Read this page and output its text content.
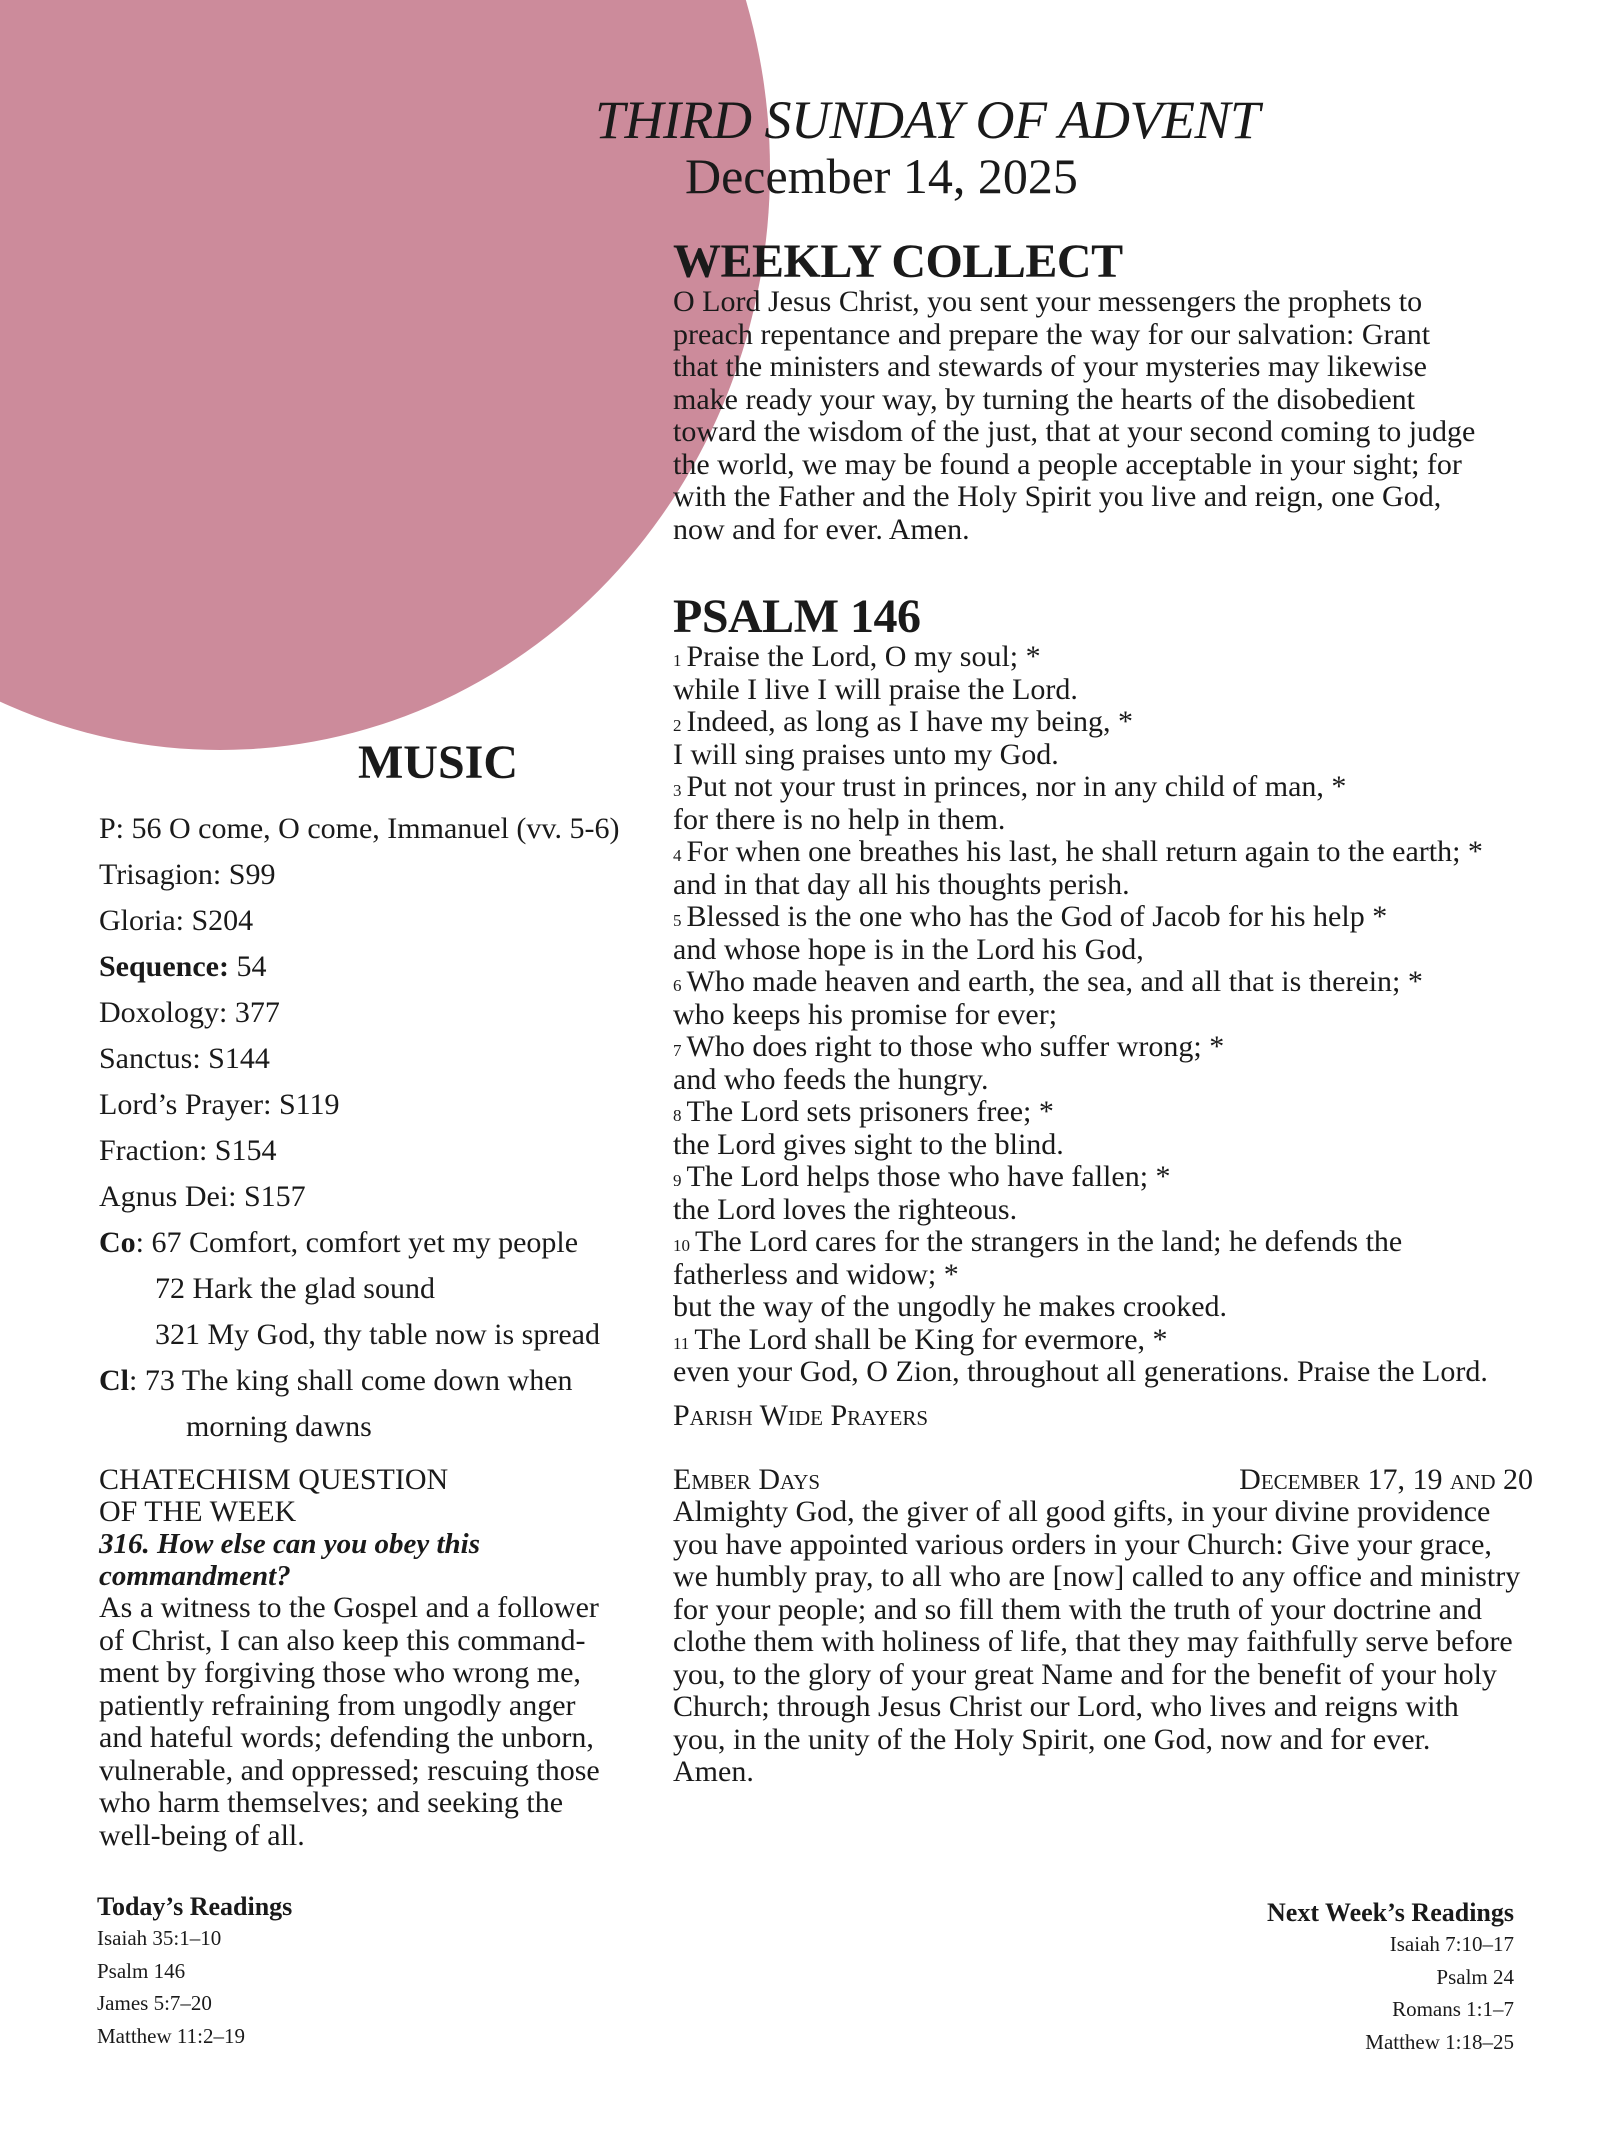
THIRD SUNDAY OF ADVENT
December 14, 2025
WEEKLY COLLECT
O Lord Jesus Christ, you sent your messengers the prophets to
preach repentance and prepare the way for our salvation: Grant
that the ministers and stewards of your mysteries may likewise
make ready your way, by turning the hearts of the disobedient
toward the wisdom of the just, that at your second coming to judge
the world, we may be found a people acceptable in your sight; for
with the Father and the Holy Spirit you live and reign, one God,
now and for ever. Amen.
PSALM 146
$^1$ Praise the Lord, O my soul; *
while I live I will praise the Lord.
$^2$ Indeed, as long as I have my being, *
I will sing praises unto my God.
$^3$ Put not your trust in princes, nor in any child of man, *
for there is no help in them.
$^4$ For when one breathes his last, he shall return again to the earth; *
and in that day all his thoughts perish.
$^5$ Blessed is the one who has the God of Jacob for his help *
and whose hope is in the Lord his God,
$^6$ Who made heaven and earth, the sea, and all that is therein; *
who keeps his promise for ever;
$^7$ Who does right to those who suffer wrong; *
and who feeds the hungry.
$^8$ The Lord sets prisoners free; *
the Lord gives sight to the blind.
$^9$ The Lord helps those who have fallen; *
the Lord loves the righteous.
$^{10}$ The Lord cares for the strangers in the land; he defends the
fatherless and widow; *
but the way of the ungodly he makes crooked.
$^{11}$ The Lord shall be King for evermore, *
even your God, O Zion, throughout all generations. Praise the Lord.
Parish Wide Prayers
Ember Days	December 17, 19 and 20
Almighty God, the giver of all good gifts, in your divine providence
you have appointed various orders in your Church: Give your grace,
we humbly pray, to all who are [now] called to any office and ministry
for your people; and so fill them with the truth of your doctrine and
clothe them with holiness of life, that they may faithfully serve before
you, to the glory of your great Name and for the benefit of your holy
Church; through Jesus Christ our Lord, who lives and reigns with
you, in the unity of the Holy Spirit, one God, now and for ever.
Amen.
MUSIC
P: 56 O come, O come, Immanuel (vv. 5-6)
Trisagion: S99
Gloria: S204
Sequence: 54
Doxology: 377
Sanctus: S144
Lord’s Prayer: S119
Fraction: S154
Agnus Dei: S157
Co: 67 Comfort, comfort yet my people
72 Hark the glad sound
321 My God, thy table now is spread
Cl: 73 The king shall come down when
morning dawns
CHATECHISM QUESTION
OF THE WEEK

316. How else can you obey this
commandment?

As a witness to the Gospel and a follower
of Christ, I can also keep this command-
ment by forgiving those who wrong me,
patiently refraining from ungodly anger
and hateful words; defending the unborn,
vulnerable, and oppressed; rescuing those
who harm themselves; and seeking the
well-being of all.

Today’s Readings

Isaiah 35:1–10

Psalm 146

James 5:7–20

Matthew 11:2–19

Next Week’s Readings

Isaiah 7:10–17

Psalm 24

Romans 1:1–7

Matthew 1:18–25
